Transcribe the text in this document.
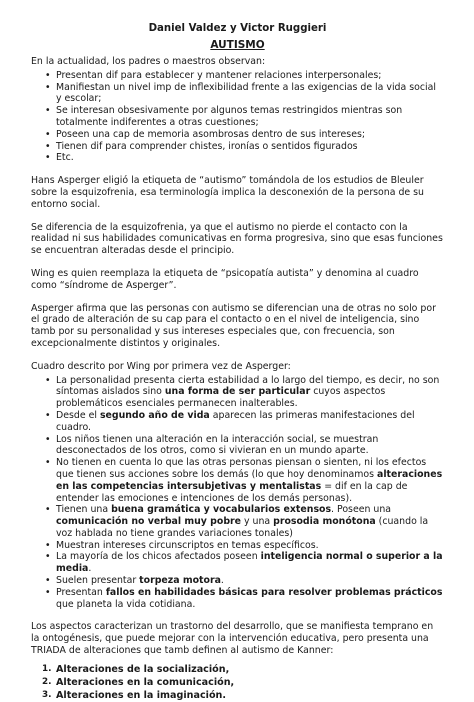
Daniel Valdez y Victor Ruggieri

AUTISMO

En la actualidad, los padres o maestros observan:

• Presentan dif para establecer y mantener relaciones interpersonales;
• Manifiestan un nivel imp de inflexibilidad frente a las exigencias de la vida social y escolar;
• Se interesan obsesivamente por algunos temas restringidos mientras son totalmente indiferentes a otras cuestiones;
• Poseen una cap de memoria asombrosas dentro de sus intereses;
• Tienen dif para comprender chistes, ironías o sentidos figurados
• Etc.

Hans Asperger eligió la etiqueta de “autismo” tomándola de los estudios de Bleuler sobre la esquizofrenia, esa terminología implica la desconexión de la persona de su entorno social.

Se diferencia de la esquizofrenia, ya que el autismo no pierde el contacto con la realidad ni sus habilidades comunicativas en forma progresiva, sino que esas funciones se encuentran alteradas desde el principio.

Wing es quien reemplaza la etiqueta de “psicopatía autista” y denomina al cuadro como “síndrome de Asperger”.

Asperger afirma que las personas con autismo se diferencian una de otras no solo por el grado de alteración de su cap para el contacto o en el nivel de inteligencia, sino tamb por su personalidad y sus intereses especiales que, con frecuencia, son excepcionalmente distintos y originales.

Cuadro descrito por Wing por primera vez de Asperger:

• La personalidad presenta cierta estabilidad a lo largo del tiempo, es decir, no son síntomas aislados sino una forma de ser particular cuyos aspectos problemáticos esenciales permanecen inalterables.
• Desde el segundo año de vida aparecen las primeras manifestaciones del cuadro.
• Los niños tienen una alteración en la interacción social, se muestran desconectados de los otros, como si vivieran en un mundo aparte.
• No tienen en cuenta lo que las otras personas piensan o sienten, ni los efectos que tienen sus acciones sobre los demás (lo que hoy denominamos alteraciones en las competencias intersubjetivas y mentalistas = dif en la cap de entender las emociones e intenciones de los demás personas).
• Tienen una buena gramática y vocabularios extensos. Poseen una comunicación no verbal muy pobre y una prosodia monótona (cuando la voz hablada no tiene grandes variaciones tonales)
• Muestran intereses circunscriptos en temas específicos.
• La mayoría de los chicos afectados poseen inteligencia normal o superior a la media.
• Suelen presentar torpeza motora.
• Presentan fallos en habilidades básicas para resolver problemas prácticos que planeta la vida cotidiana.

Los aspectos caracterizan un trastorno del desarrollo, que se manifiesta temprano en la ontogénesis, que puede mejorar con la intervención educativa, pero presenta una TRIADA de alteraciones que tamb definen al autismo de Kanner:

1. Alteraciones de la socialización,
2. Alteraciones en la comunicación,
3. Alteraciones en la imaginación.
